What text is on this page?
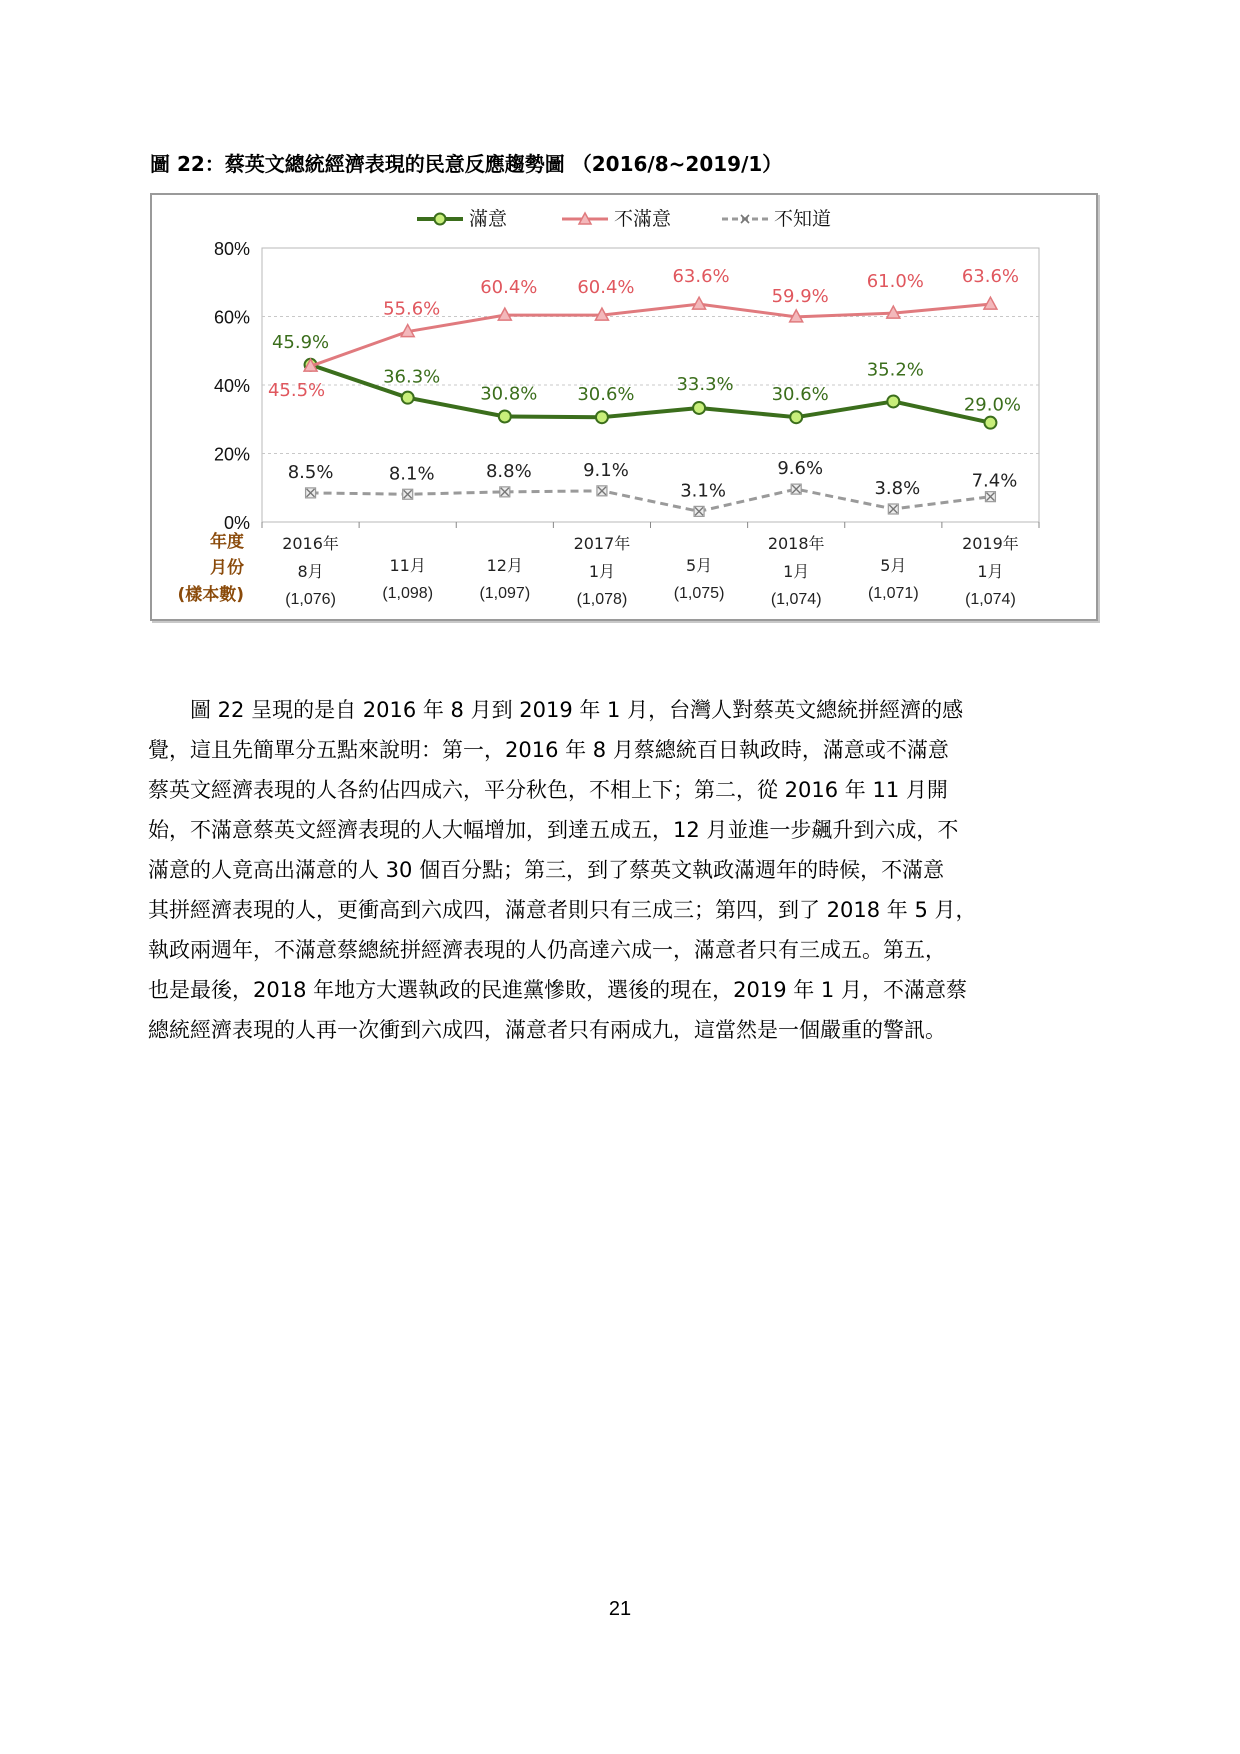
圖 22：蔡英文總統經濟表現的民意反應趨勢圖 （2016/8~2019/1）
0%
20%
40%
60%
80%
年度
月份
(樣本數)
2016年
8月
(1,076)
11月
(1,098)
12月
(1,097)
2017年
1月
(1,078)
5月
(1,075)
2018年
1月
(1,074)
5月
(1,071)
2019年
1月
(1,074)
45.9%
36.3%
30.8% 30.6% 33.3% 30.6%
35.2%
29.0%
45.5%
55.6%
60.4% 60.4%
63.6%
59.9%
61.0% 63.6%
8.5%	8.1%	8.8%	9.1%
3.1%
9.6%
3.8%	7.4%
滿意	不滿意	不知道
圖 22 呈現的是自 2016 年 8 月到 2019 年 1 月，台灣人對蔡英文總統拼經濟的感
覺，這且先簡單分五點來說明：第一，2016 年 8 月蔡總統百日執政時，滿意或不滿意
蔡英文經濟表現的人各約佔四成六，平分秋色，不相上下；第二，從 2016 年 11 月開
始，不滿意蔡英文經濟表現的人大幅增加，到達五成五，12 月並進一步飆升到六成，不
滿意的人竟高出滿意的人 30 個百分點；第三，到了蔡英文執政滿週年的時候，不滿意
其拼經濟表現的人，更衝高到六成四，滿意者則只有三成三；第四，到了 2018 年 5 月，
執政兩週年，不滿意蔡總統拼經濟表現的人仍高達六成一，滿意者只有三成五。第五，
也是最後，2018 年地方大選執政的民進黨慘敗，選後的現在，2019 年 1 月，不滿意蔡
總統經濟表現的人再一次衝到六成四，滿意者只有兩成九，這當然是一個嚴重的警訊。
21
